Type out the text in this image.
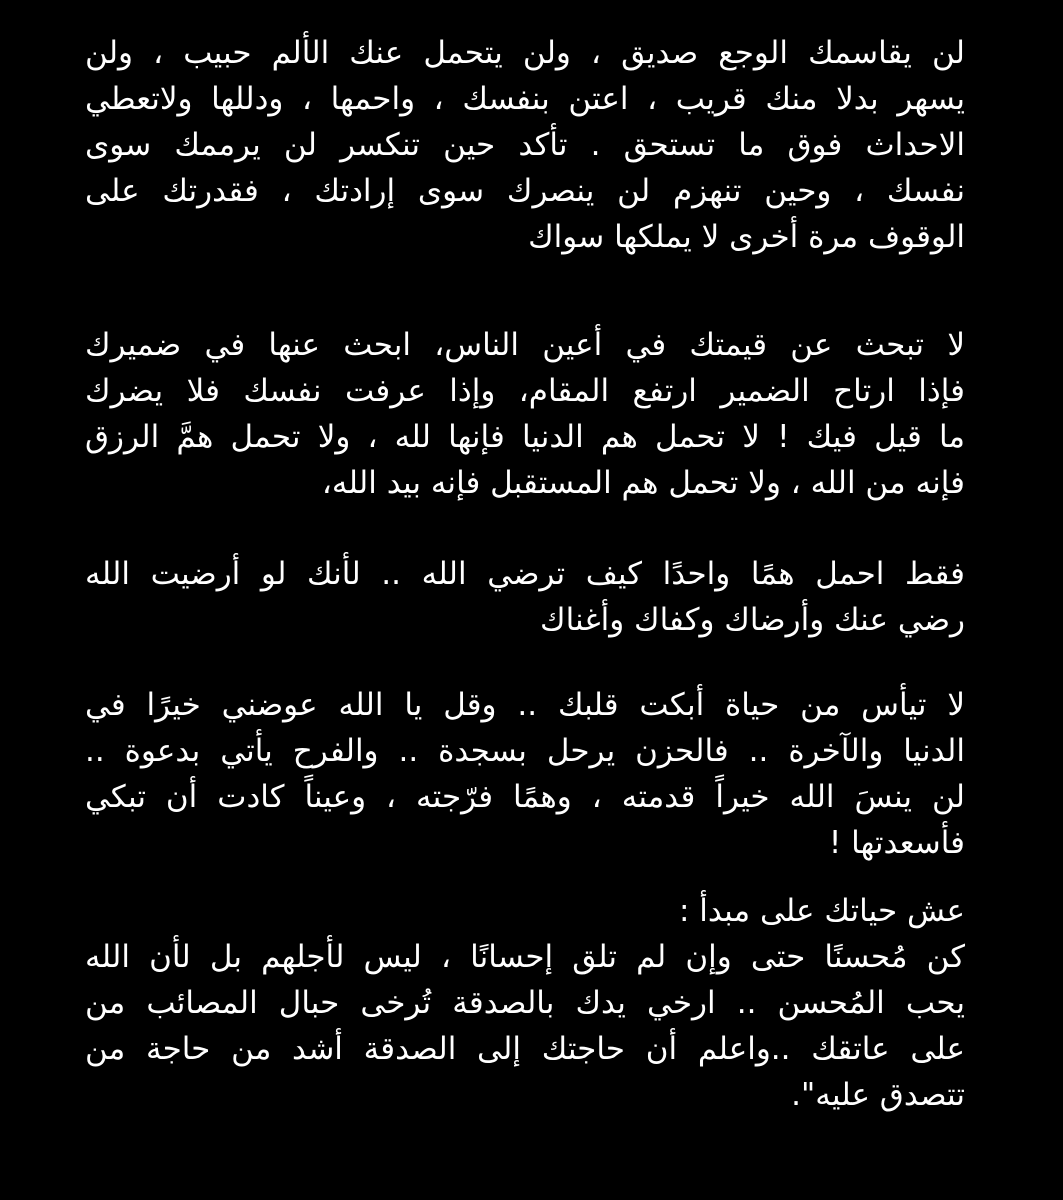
لن يقاسمك الوجع صديق ، ولن يتحمل عنك الألم حبيب ، ولن
يسهر بدلا منك قريب ، اعتن بنفسك ، واحمها ، ودللها ولاتعطي
الاحداث فوق ما تستحق . تأكد حين تنكسر لن يرممك سوى
نفسك ، وحين تنهزم لن ينصرك سوى إرادتك ، فقدرتك على
الوقوف مرة أخرى لا يملكها سواك
لا تبحث عن قيمتك في أعين الناس، ابحث عنها في ضميرك
فإذا ارتاح الضمير ارتفع المقام، وإذا عرفت نفسك فلا يضرك
ما قيل فيك ! لا تحمل هم الدنيا فإنها لله ، ولا تحمل همَّ الرزق
فإنه من الله ، ولا تحمل هم المستقبل فإنه بيد الله،
فقط احمل همًا واحدًا كيف ترضي الله .. لأنك لو أرضيت الله
رضي عنك وأرضاك وكفاك وأغناك
لا تيأس من حياة أبكت قلبك .. وقل يا الله عوضني خيرًا في
الدنيا والآخرة .. فالحزن يرحل بسجدة .. والفرح يأتي بدعوة ..
لن ينسَ الله خيراً قدمته ، وهمًا فرّجته ، وعيناً كادت أن تبكي
فأسعدتها !
عش حياتك على مبدأ :
كن مُحسنًا حتى وإن لم تلق إحسانًا ، ليس لأجلهم بل لأن الله
يحب المُحسن .. ارخي يدك بالصدقة تُرخى حبال المصائب من
على عاتقك ..واعلم أن حاجتك إلى الصدقة أشد من حاجة من
تتصدق عليه".
